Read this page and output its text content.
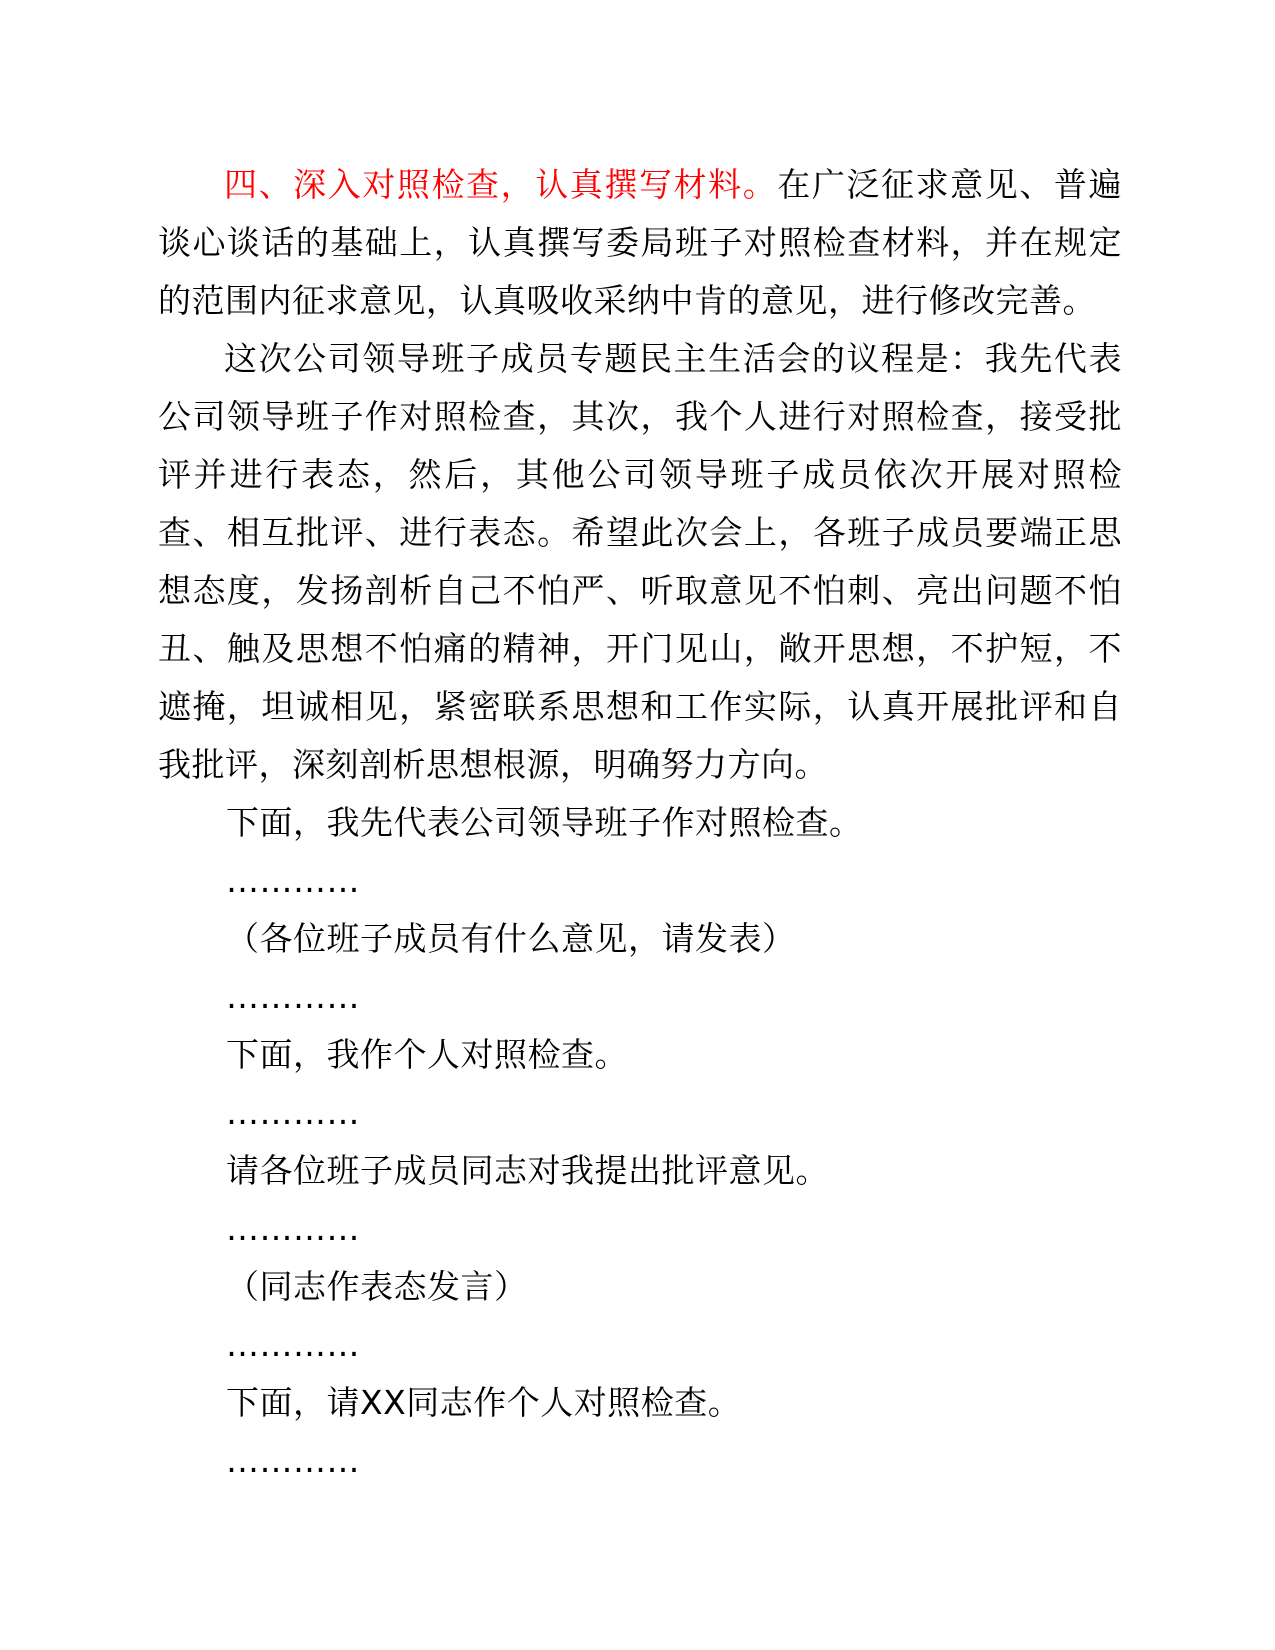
四、深入对照检查，认真撰写材料。在广泛征求意见、普遍谈心谈话的基础上，认真撰写委局班子对照检查材料，并在规定的范围内征求意见，认真吸收采纳中肯的意见，进行修改完善。

这次公司领导班子成员专题民主生活会的议程是：我先代表公司领导班子作对照检查，其次，我个人进行对照检查，接受批评并进行表态，然后，其他公司领导班子成员依次开展对照检查、相互批评、进行表态。希望此次会上，各班子成员要端正思想态度，发扬剖析自己不怕严、听取意见不怕刺、亮出问题不怕丑、触及思想不怕痛的精神，开门见山，敞开思想，不护短，不遮掩，坦诚相见，紧密联系思想和工作实际，认真开展批评和自我批评，深刻剖析思想根源，明确努力方向。

下面，我先代表公司领导班子作对照检查。

…………

（各位班子成员有什么意见，请发表）

…………

下面，我作个人对照检查。

…………

请各位班子成员同志对我提出批评意见。

…………

（同志作表态发言）

…………

下面，请XX同志作个人对照检查。

…………
